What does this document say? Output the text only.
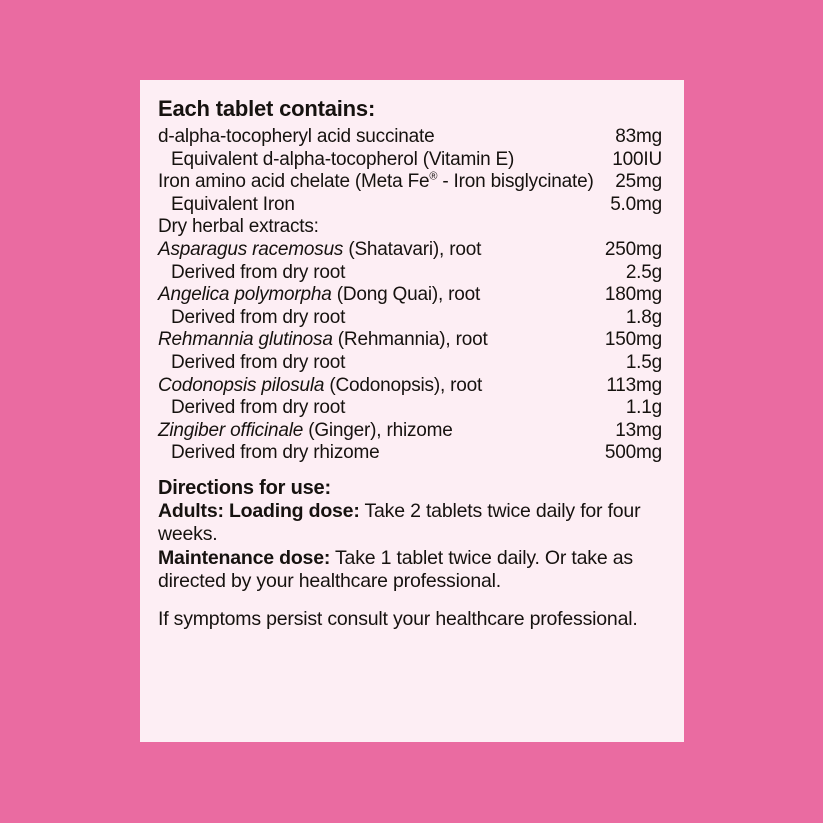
Each tablet contains:
d-alpha-tocopheryl acid succinate	83mg
Equivalent d-alpha-tocopherol (Vitamin E)	100IU
Iron amino acid chelate (Meta Fe® - Iron bisglycinate)	25mg
Equivalent Iron	5.0mg
Dry herbal extracts:
Asparagus racemosus (Shatavari), root	250mg
Derived from dry root	2.5g
Angelica polymorpha (Dong Quai), root	180mg
Derived from dry root	1.8g
Rehmannia glutinosa (Rehmannia), root	150mg
Derived from dry root	1.5g
Codonopsis pilosula (Codonopsis), root	113mg
Derived from dry root	1.1g
Zingiber officinale (Ginger), rhizome	13mg
Derived from dry rhizome	500mg
Directions for use:
Adults: Loading dose: Take 2 tablets twice daily for four weeks.
Maintenance dose: Take 1 tablet twice daily. Or take as
directed by your healthcare professional.
If symptoms persist consult your healthcare professional.
